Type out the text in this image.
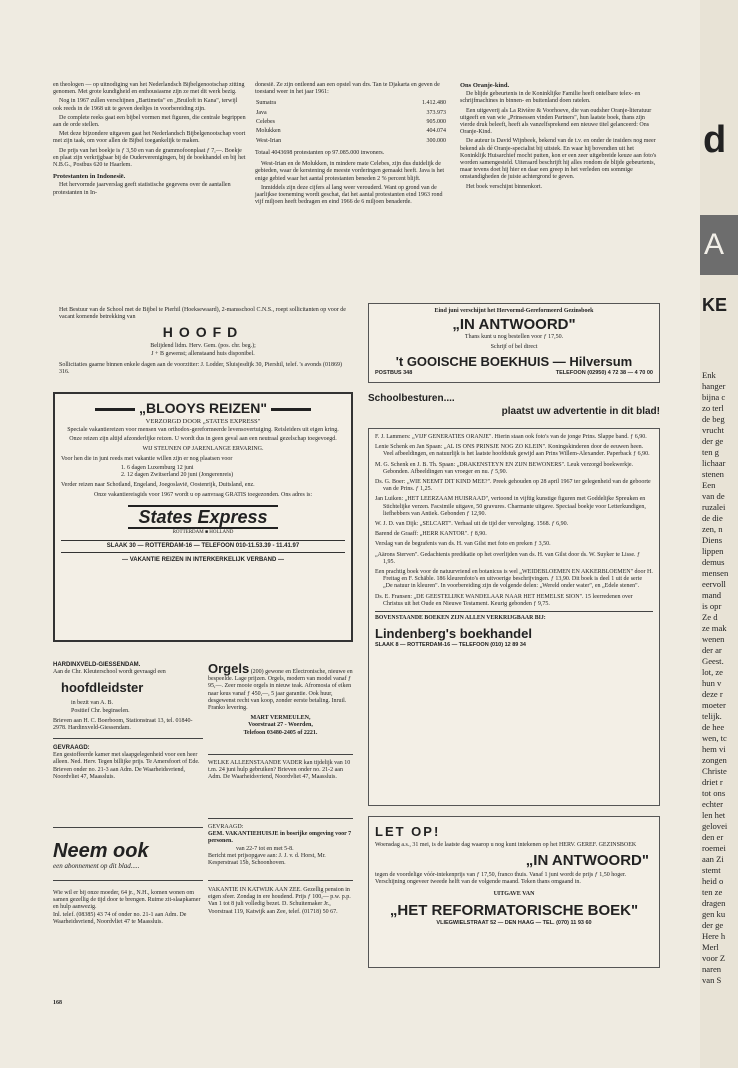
en theologen — op uitnodiging van het Nederlandsch Bijbelgenootschap zitting genomen. Met grote kundigheid en enthousiasme zijn ze met dit werk bezig.

Nog in 1967 zullen verschijnen „Bartimeüs" en „Bruiloft in Kana", terwijl ook reeds in de 1968 uit te geven deeltjes in voorbereiding zijn.

De complete reeks gaat een bijbel vormen met figuren, die centrale begrippen aan de orde stellen.

Met deze bijzondere uitgaven gaat het Nederlandsch Bijbelgenootschap voort met zijn taak, om voor allen de Bijbel toegankelijk te maken.

De prijs van het boekje is ƒ 3,50 en van de grammofoonplaat ƒ 7,—. Boekje en plaat zijn verkrijgbaar bij de Ouderverenigingen, bij de boekhandel en bij het N.B.G., Postbus 620 te Haarlem.

Protestanten in Indonesië.

Het hervormde jaarverslag geeft statistische gegevens over de aantallen protestanten in In-

donesië. Ze zijn ontleend aan een opstel van drs. Tan te Djakarta en geven de toestand weer in het jaar 1961:

Sumatra	1.412.480
Java	373.973
Celebes	905.000
Molukken	404.074
West-Irian	300.000

Totaal 4043698 protestanten op 97.085.000 inwoners.

West-Irian en de Molukken, in mindere mate Celebes, zijn dus duidelijk de gebieden, waar de kerstening de meeste vorderingen gemaakt heeft. Java is het enige gebied waar het aantal protestanten beneden 2 % percent blijft.

Inmiddels zijn deze cijfers al lang weer verouderd. Want op grond van de jaarlijkse toeneming wordt geschat, dat het aantal protestanten eind 1963 rond vijf miljoen heeft bedragen en eind 1966 de 6 miljoen benaderde.

Ons Oranje-kind.

De blijde gebeurtenis in de Koninklijke Familie heeft ontelbare telex- en schrijfmachines in binnen- en buitenland doen ratelen.

Een uitgeverij als La Rivière & Voorhoeve, die van oudsher Oranje-literatuur uitgeeft en van wie „Prinsessen vinden Partners", hun laatste boek, thans zijn vierde druk beleeft, heeft als vanzelfsprekend een nieuwe titel gelanceerd: Ons Oranje-Kind.

De auteur is David Wijnbeek, bekend van de t.v. en onder de insiders nog meer bekend als dé Oranje-specialist bij uitstek. En waar hij bovendien uit het Koninklijk Huisarchief mocht putten, kon er een zeer uitgebreide keuze aan foto's worden samengesteld. Uiteraard beschrijft hij alles rondom de blijde gebeurtenis, maar tevens doet hij hier en daar een greep in het verleden om sommige omstandigheden de juiste achtergrond te geven.

Het boek verschijnt binnenkort.

Het Bestuur van de School met de Bijbel te Pierhil (Hoeksewaard), 2-mansschool C.N.S., roept sollicitanten op voor de vacant komende betrekking van
HOOFD
Belijdend lidm. Herv. Gem. (pos. chr. beg.);
J + B gewenst; allenstaand huis disponibel.
Sollicitaties gaarne binnen enkele dagen aan de voorzitter: J. Lodder, Sluisjesdijk 30, Piershil, telef. 's avonds (01869) 316.
„BLOOYS REIZEN"
VERZORGD DOOR „STATES EXPRESS"
Speciale vakantiereizen voor mensen van orthodox-gereformeerde levensovertuiging. Reisleiders uit eigen kring.
Onze reizen zijn altijd afzonderlijke reizen. U wordt dus in geen geval aan een neutraal gezelschap toegevoegd.
WIJ STEUNEN OP JARENLANGE ERVARING.
Voor hen die in juni reeds met vakantie willen zijn er nog plaatsen voor
1. 6 dagen Luxemburg 12 juni
2. 12 dagen Zwitserland 20 juni (Jongerenreis)
Verder reizen naar Schotland, Engeland, Joegoslavië, Oostenrijk, Duitsland, enz.
Onze vakantiereisgids voor 1967 wordt u op aanvraag GRATIS toegezonden. Ons adres is:
States Express
ROTTERDAM ■ HOLLAND
SLAAK 30 — ROTTERDAM-16 — TELEFOON 010-11.53.39 - 11.41.97
— VAKANTIE REIZEN IN INTERKERKELIJK VERBAND —
HARDINXVELD-GIESSENDAM.
Aan de Chr. Kleuterschool wordt gevraagd een
hoofdleidster
in bezit van A. B.
Positief Chr. beginselen.
Brieven aan H. C. Boerboom, Stationstraat 13, tel. 01840-2978. Hardinxveld-Giessendam.
GEVRAAGD:
Een gestoffeerde kamer met slaapgelegenheid voor een heer alleen. Ned. Herv. Tegen billijke prijs. Te Amersfoort of Ede. Brieven onder no. 21-3 aan Adm. De Waarheidsvriend, Noordvliet 47, Maassluis.
Neem ook
een abonnement op dit blad.....
Wie wil er bij onze moeder, 64 jr., N.H., komen wonen om samen gezellig de tijd door te brengen. Ruime zit-slaapkamer en hulp aanwezig.
Inl. telef. (08385) 43 74 of onder no. 21-1 aan Adm. De Waarheidsvriend, Noordvliet 47 te Maassluis.
Orgels (200) gewone en Electronische, nieuwe en bespeelde. Lage prijzen. Orgels, modern van model vanaf ƒ 95,—. Zeer mooie orgels in nieuw teak. Afromosia of eiken naar keus vanaf ƒ 450,—, 5 jaar garantie. Ook huur, desgewenst recht van koop, zonder eerste betaling. Inruil. Franko levering.
MART VERMEULEN,
Voorstraat 27 - Woerden,
Telefoon 03480-2405 of 2221.
WELKE ALLEENSTAANDE VADER kan tijdelijk van 10 t.m. 24 juni hulp gebruiken? Brieven onder no. 21-2 aan Adm. De Waarheidsvriend, Noordvliet 47, Maassluis.
GEVRAAGD:
GEM. VAKANTIEHUISJE in bosrijke omgeving voor 7 personen.
van 22-7 tot en met 5-8.
Bericht met prijsopgave aan: J. J. v. d. Horst, Mr. Kesperstraat 15b, Schoonhoven.
VAKANTIE IN KATWIJK AAN ZEE. Gezellig pension in eigen sfeer. Zondag in ere houdend. Prijs ƒ 100,— p.w. p.p. Van 1 tot 8 juli volledig bezet. D. Schuitemaker Jr., Voorstraat 119, Katwijk aan Zee, telef. (01718) 50 67.
Eind juni verschijnt het Hervormd-Gereformeerd Gezinsboek
„IN ANTWOORD"
Thans kunt u nog bestellen voor ƒ 17,50.
Schrijf of bel direct
't GOOISCHE BOEKHUIS — Hilversum
POSTBUS 348	TELEFOON (02950) 4 72 38 — 4 70 00
Schoolbesturen....
plaatst uw advertentie in dit blad!
F. J. Lammers: „VIJF GENERATIES ORANJE". Hierin staan ook foto's van de jonge Prins. Slappe band. ƒ 6,90.
Lenie Schenk en Jan Spaan: „AL IS ONS PRINSJE NOG ZO KLEIN". Koningskinderen door de eeuwen heen. Veel afbeeldingen, en natuurlijk is het laatste hoofdstuk gewijd aan Prins Willem-Alexander. Paperback ƒ 6,90.
M. G. Schenk en J. B. Th. Spaan: „DRAKENSTEYN EN ZIJN BEWONERS". Leuk verzorgd boekwerkje. Gebonden. Afbeeldingen van vroeger en nu. ƒ 5,90.
Ds. G. Boer: „WIE NEEMT DIT KIND MEE?". Preek gehouden op 28 april 1967 ter gelegenheid van de geboorte van de Prins. ƒ 1,25.
Jan Luiken: „HET LEERZAAM HUISRAAD", vertoond in vijftig kunstige figuren met Goddelijke Spreuken en Stichtelijke verzen. Facsimile uitgave, 50 gravures. Charmante uitgave. Speciaal boekje voor Letterkundigen, liefhebbers van Antiek. Gebonden ƒ 12,90.
W. J. D. van Dijk: „SELCART". Verhaal uit de tijd der vervolging. 1568. ƒ 6,90.
Barend de Graaff: „HERR KANTOR". ƒ 8,90.
Verslag van de begrafenis van ds. H. van Gilst met foto en preken ƒ 3,50.
„Aärons Sterven". Gedachtenis predikatie op het overlijden van ds. H. van Gilst door ds. W. Suyker te Lisse. ƒ 1,95.
Een prachtig boek voor de natuurvriend en botanicus is wel „WEIDEBLOEMEN EN AKKERBLOEMEN" door H. Freitag en F. Schäble. 186 kleurenfoto's en uitvoerige beschrijvingen. ƒ 13,90. Dit boek is deel 1 uit de serie „De natuur in kleuren". In voorbereiding zijn de volgende delen: „Wereld onder water", en „Edele stenen".
Ds. E. Fransen: „DE GEESTELIJKE WANDELAAR NAAR HET HEMELSE SION". 15 leerredenen over Christus uit het Oude en Nieuwe Testament. Keurig gebonden ƒ 9,75.
BOVENSTAANDE BOEKEN ZIJN ALLEN VERKRIJGBAAR BIJ:
Lindenberg's boekhandel
SLAAK 8 — ROTTERDAM-16 — TELEFOON (010) 12 89 34
LET OP!
Woensdag a.s., 31 mei, is de laatste dag waarop u nog kunt intekenen op het HERV. GEREF. GEZINSBOEK
„IN ANTWOORD"
tegen de voordelige vóór-intekenprijs van ƒ 17,50, franco thuis. Vanaf 1 juni wordt de prijs ƒ 1,50 hoger. Verschijning ongeveer tweede helft van de volgende maand. Teken thans omgaand in.
UITGAVE VAN
„HET REFORMATORISCHE BOEK"
VLIEGWIELSTRAAT 52 — DEN HAAG — TEL. (070) 11 93 60
168
d
A
KE
Enk
hanger
bijna c
zo terl
de beg
vrucht
der ge
ten g
lichaar
stenen
Een
van de
ruzalei
de die
zen, n
Diens
lippen
demus
mensen
eervoll
mand
is opr
Ze d
ze mak
wenen
der ar
Geest.
lot, ze
hun v
deze r
moeter
telijk.
de hee
wen, tc
hem vi
zongen
Christe
driet r
tot ons
echter
len het
gelovei
den er
roemei
aan Zi
stemt
heid o
ten ze
dragen
gen ku
der ge
Here h
Merl
voor Z
naren
van S
